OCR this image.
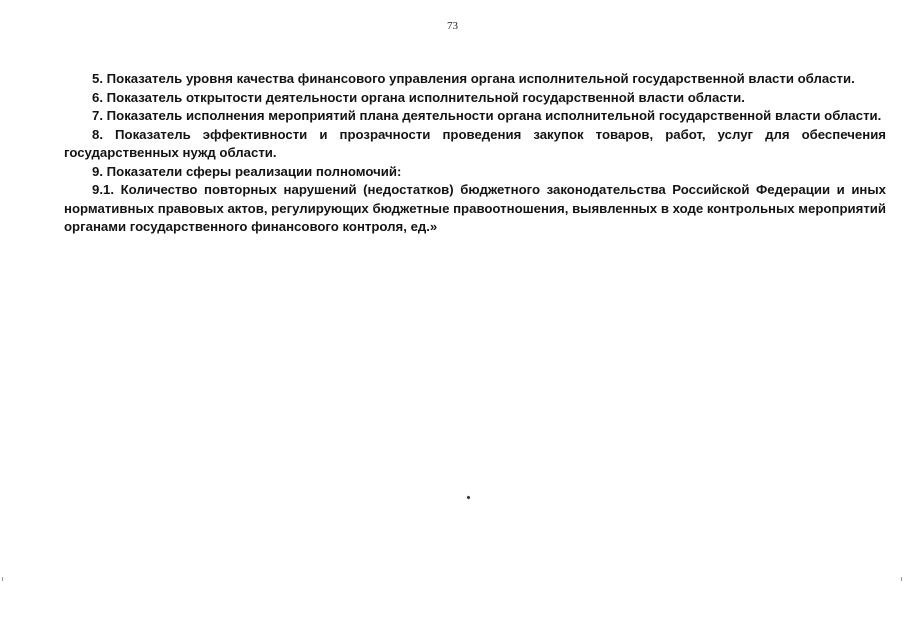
73

5. Показатель уровня качества финансового управления органа исполнительной государственной власти области.

6. Показатель открытости деятельности органа исполнительной государственной власти области.

7. Показатель исполнения мероприятий плана деятельности органа исполнительной государственной власти области.

8. Показатель эффективности и прозрачности проведения закупок товаров, работ, услуг для обеспечения государственных нужд области.

9. Показатели сферы реализации полномочий:

9.1. Количество повторных нарушений (недостатков) бюджетного законодательства Российской Федерации и иных нормативных правовых актов, регулирующих бюджетные правоотношения, выявленных в ходе контрольных мероприятий органами государственного финансового контроля, ед.»
